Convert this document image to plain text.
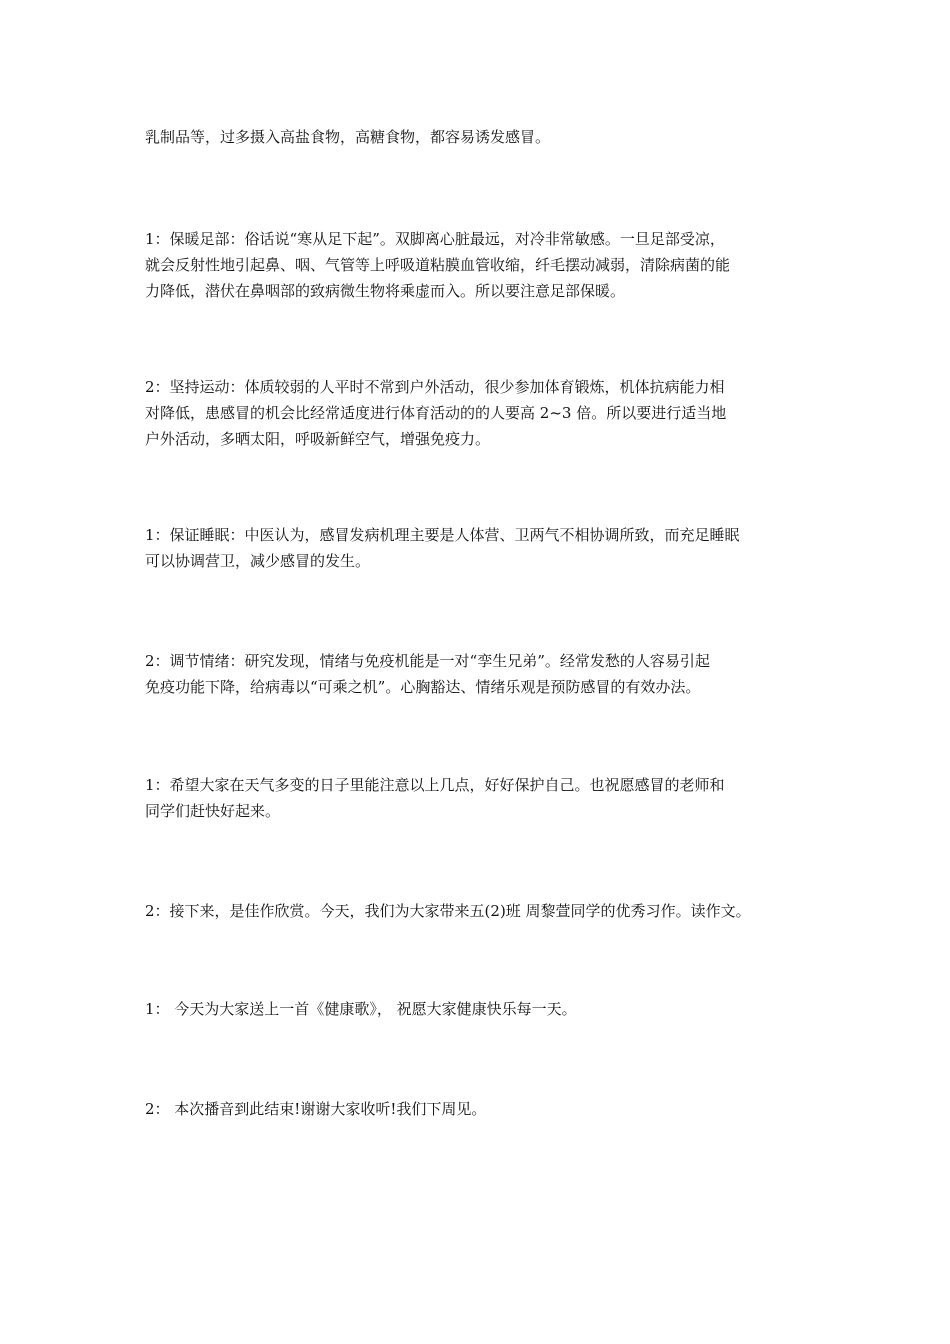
乳制品等，过多摄入高盐食物，高糖食物，都容易诱发感冒。

1：保暖足部：俗话说“寒从足下起”。双脚离心脏最远，对冷非常敏感。一旦足部受凉，
就会反射性地引起鼻、咽、气管等上呼吸道粘膜血管收缩，纤毛摆动减弱，清除病菌的能
力降低，潜伏在鼻咽部的致病微生物将乘虚而入。所以要注意足部保暖。

2：坚持运动：体质较弱的人平时不常到户外活动，很少参加体育锻炼，机体抗病能力相
对降低，患感冒的机会比经常适度进行体育活动的的人要高 2~3 倍。所以要进行适当地
户外活动，多晒太阳，呼吸新鲜空气，增强免疫力。

1：保证睡眠：中医认为，感冒发病机理主要是人体营、卫两气不相协调所致，而充足睡眠
可以协调营卫，减少感冒的发生。

2：调节情绪：研究发现，情绪与免疫机能是一对“孪生兄弟”。经常发愁的人容易引起
免疫功能下降，给病毒以“可乘之机”。心胸豁达、情绪乐观是预防感冒的有效办法。

1：希望大家在天气多变的日子里能注意以上几点，好好保护自己。也祝愿感冒的老师和
同学们赶快好起来。

2：接下来，是佳作欣赏。今天，我们为大家带来五(2)班 周黎萱同学的优秀习作。读作文。

1： 今天为大家送上一首《健康歌》， 祝愿大家健康快乐每一天。

2： 本次播音到此结束!谢谢大家收听!我们下周见。
